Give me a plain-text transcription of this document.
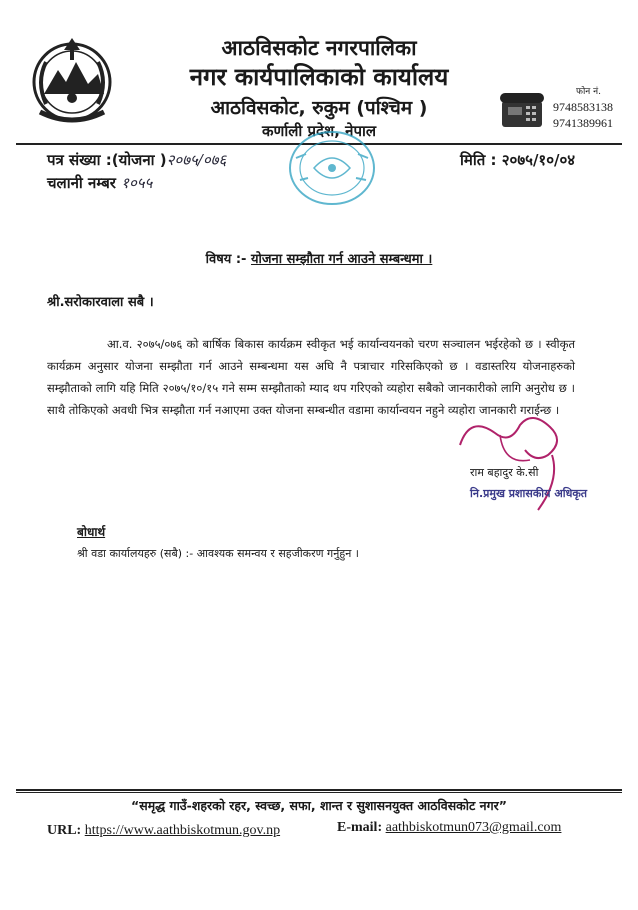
आठविसकोट नगरपालिका
नगर कार्यपालिकाको कार्यालय
आठविसकोट, रुकुम (पश्चिम )
कर्णाली प्रदेश, नेपाल
फोन नं.
9748583138
9741389961
पत्र संख्या :(योजना )२०७५/०७६
चलानी नम्बर १०५५
मिति : २०७५/१०/०४
विषय :- योजना सम्झौता गर्न आउने सम्बन्धमा ।
श्री.सरोकारवाला सबै ।
आ.व. २०७५/०७६ को बार्षिक बिकास कार्यक्रम स्वीकृत भई कार्यान्वयनको चरण सञ्चालन भईरहेको छ । स्वीकृत कार्यक्रम अनुसार योजना सम्झौता गर्न आउने सम्बन्धमा यस अघि नै पत्राचार गरिसकिएको छ । वडास्तरिय योजनाहरुको सम्झौताको लागि यहि मिति २०७५/१०/१५ गने सम्म सम्झौताको म्याद थप गरिएको व्यहोरा सबैको जानकारीको लागि अनुरोध छ । साथै तोकिएको अवधी भित्र सम्झौता गर्न नआएमा उक्त योजना सम्बन्धीत वडामा कार्यान्वयन नहुने व्यहोरा जानकारी गराईन्छ ।
राम बहादुर के.सी
नि.प्रमुख प्रशासकीय अधिकृत
बोधार्थ
श्री वडा कार्यालयहरु (सबै) :- आवश्यक समन्वय र सहजीकरण गर्नुहुन ।
“समृद्ध गाउँ-शहरको रहर, स्वच्छ, सफा, शान्त र सुशासनयुक्त आठविसकोट नगर”
URL: https://www.aathbiskotmun.gov.np	E-mail: aathbiskotmun073@gmail.com
